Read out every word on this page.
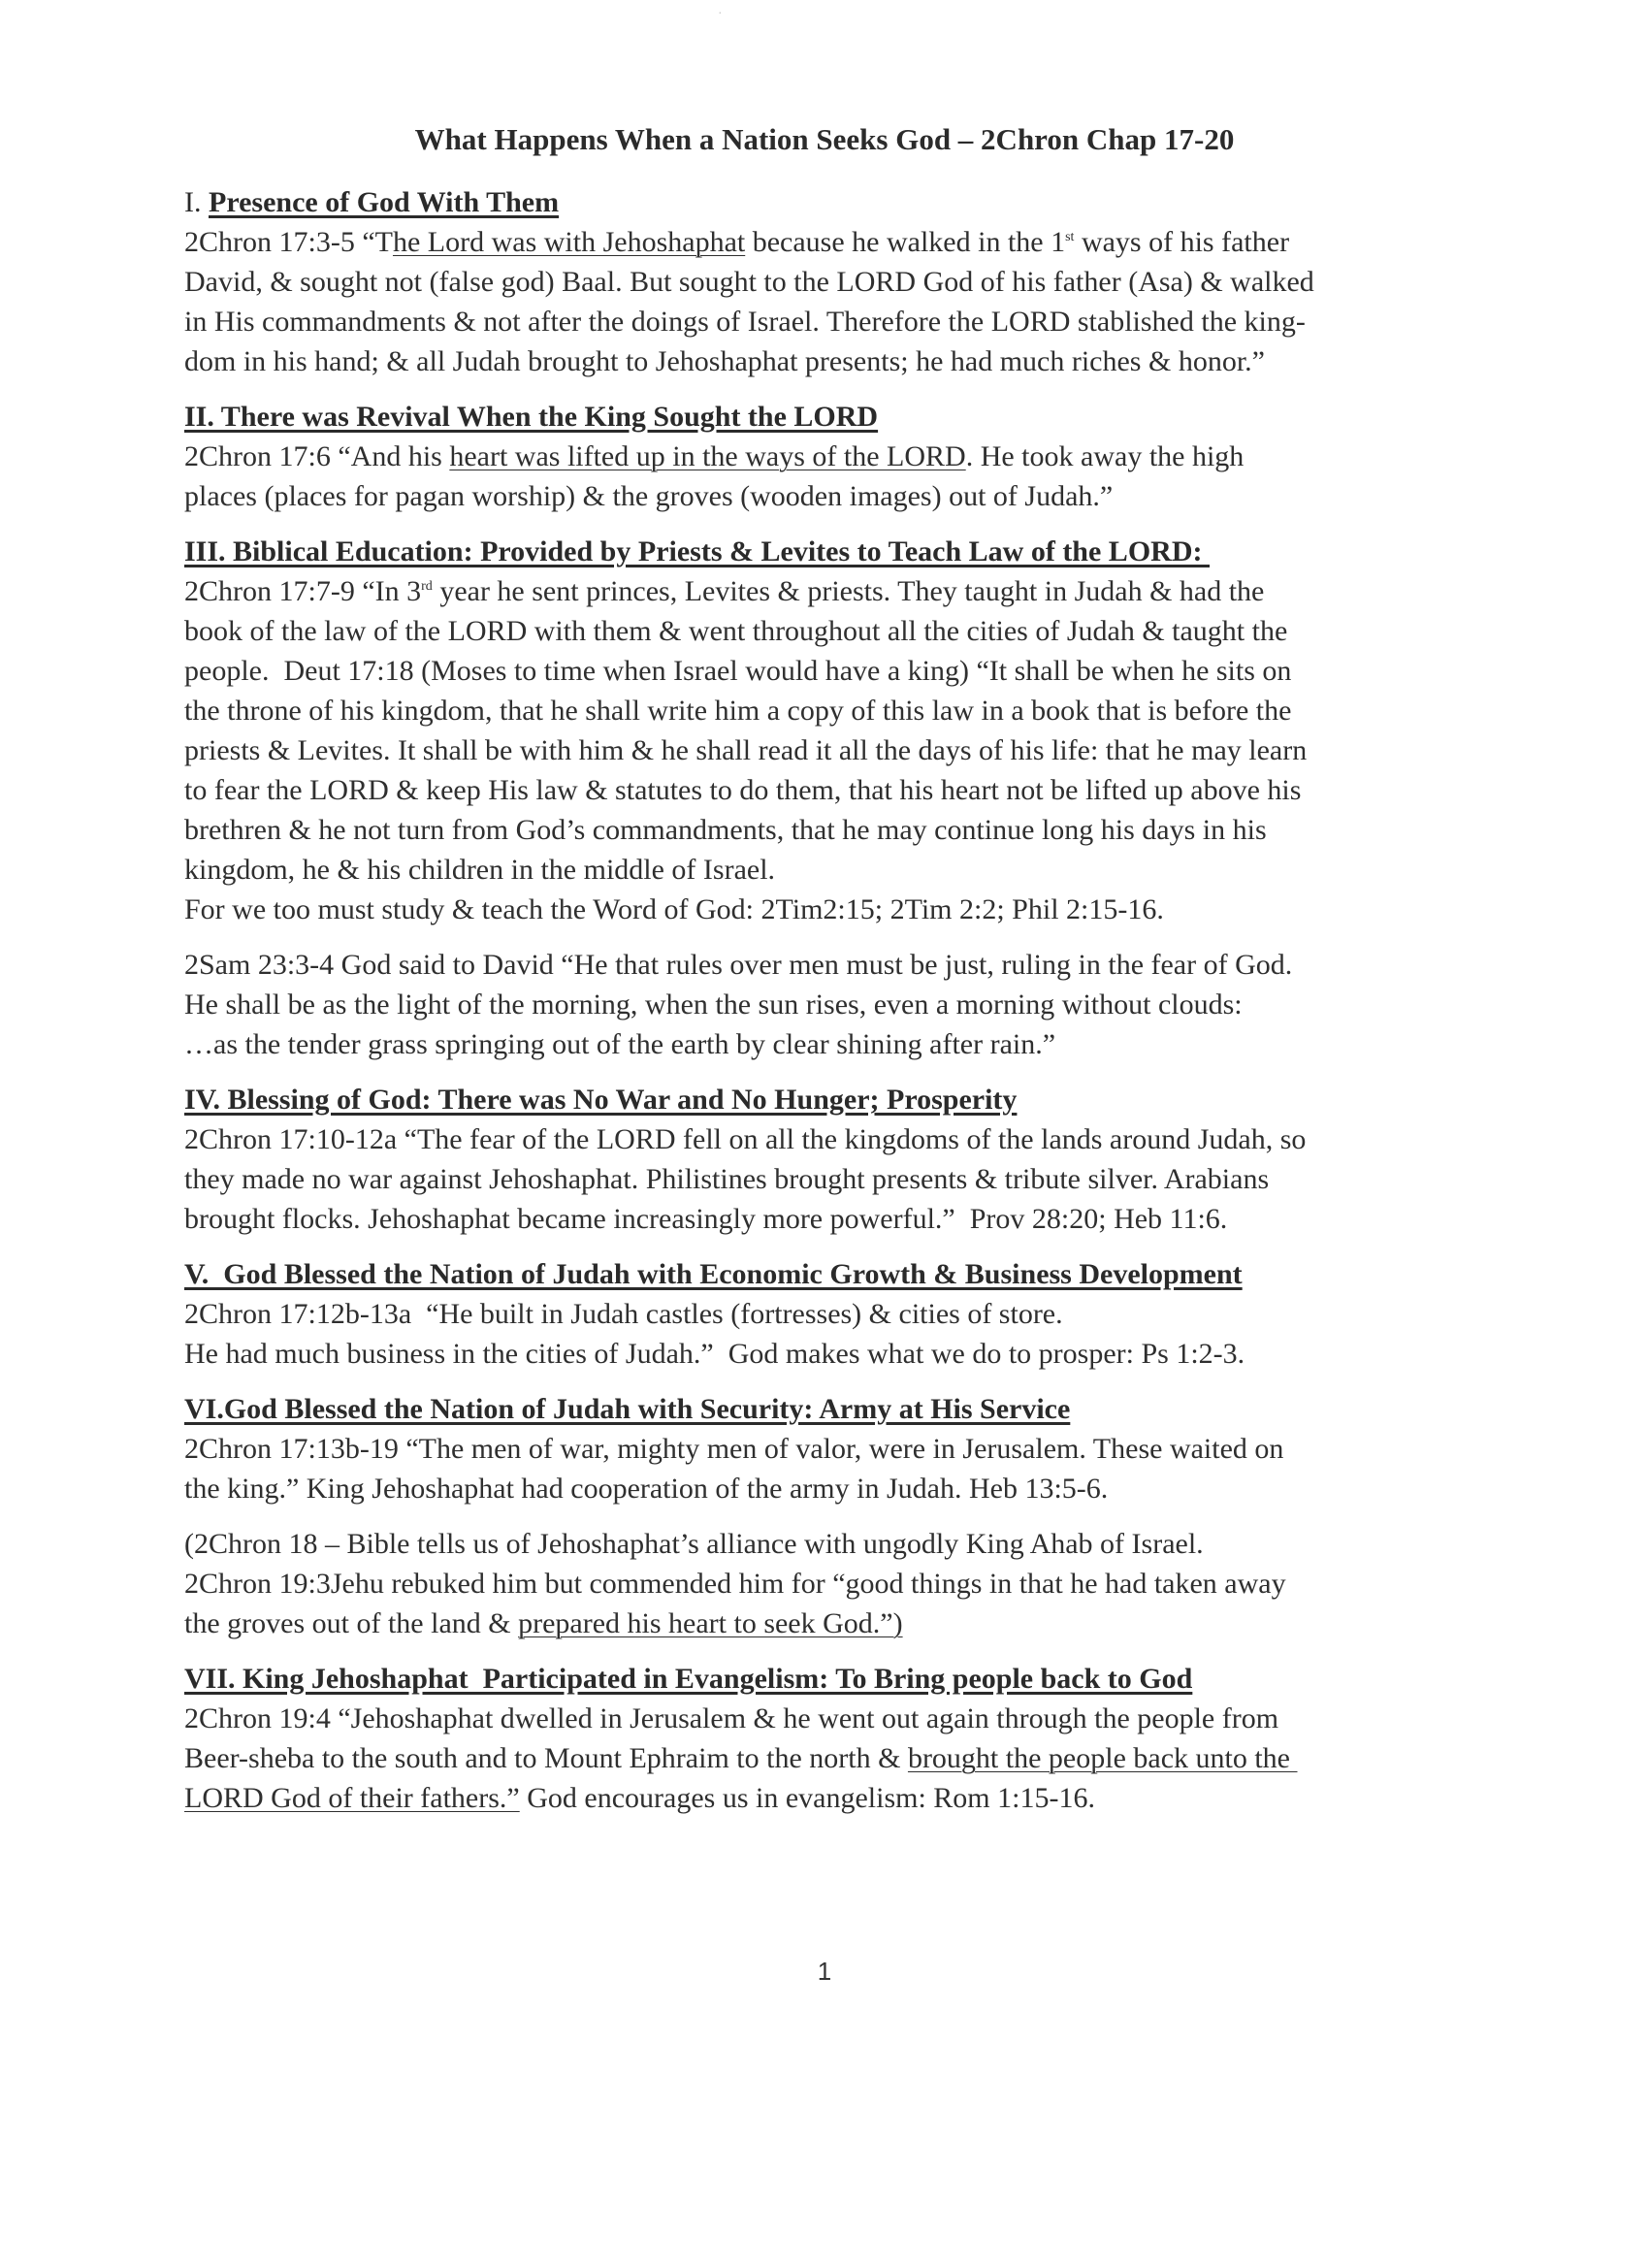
·
What Happens When a Nation Seeks God – 2Chron Chap 17-20
I. Presence of God With Them
2Chron 17:3-5 “The Lord was with Jehoshaphat because he walked in the 1st ways of his father
David, & sought not (false god) Baal. But sought to the LORD God of his father (Asa) & walked
in His commandments & not after the doings of Israel. Therefore the LORD stablished the king-
dom in his hand; & all Judah brought to Jehoshaphat presents; he had much riches & honor.”
II. There was Revival When the King Sought the LORD
2Chron 17:6 “And his heart was lifted up in the ways of the LORD. He took away the high
places (places for pagan worship) & the groves (wooden images) out of Judah.”
III. Biblical Education: Provided by Priests & Levites to Teach Law of the LORD:
2Chron 17:7-9 “In 3rd year he sent princes, Levites & priests. They taught in Judah & had the
book of the law of the LORD with them & went throughout all the cities of Judah & taught the
people.  Deut 17:18 (Moses to time when Israel would have a king) “It shall be when he sits on
the throne of his kingdom, that he shall write him a copy of this law in a book that is before the
priests & Levites. It shall be with him & he shall read it all the days of his life: that he may learn
to fear the LORD & keep His law & statutes to do them, that his heart not be lifted up above his
brethren & he not turn from God’s commandments, that he may continue long his days in his
kingdom, he & his children in the middle of Israel.
For we too must study & teach the Word of God: 2Tim2:15; 2Tim 2:2; Phil 2:15-16.
2Sam 23:3-4 God said to David “He that rules over men must be just, ruling in the fear of God.
He shall be as the light of the morning, when the sun rises, even a morning without clouds:
…as the tender grass springing out of the earth by clear shining after rain.”
IV. Blessing of God: There was No War and No Hunger; Prosperity
2Chron 17:10-12a “The fear of the LORD fell on all the kingdoms of the lands around Judah, so
they made no war against Jehoshaphat. Philistines brought presents & tribute silver. Arabians
brought flocks. Jehoshaphat became increasingly more powerful.”  Prov 28:20; Heb 11:6.
V.  God Blessed the Nation of Judah with Economic Growth & Business Development
2Chron 17:12b-13a  “He built in Judah castles (fortresses) & cities of store.
He had much business in the cities of Judah.”  God makes what we do to prosper: Ps 1:2-3.
VI.God Blessed the Nation of Judah with Security: Army at His Service
2Chron 17:13b-19 “The men of war, mighty men of valor, were in Jerusalem. These waited on
the king.” King Jehoshaphat had cooperation of the army in Judah. Heb 13:5-6.
(2Chron 18 – Bible tells us of Jehoshaphat’s alliance with ungodly King Ahab of Israel.
2Chron 19:3Jehu rebuked him but commended him for “good things in that he had taken away
the groves out of the land & prepared his heart to seek God.”)
VII. King Jehoshaphat  Participated in Evangelism: To Bring people back to God
2Chron 19:4 “Jehoshaphat dwelled in Jerusalem & he went out again through the people from
Beer-sheba to the south and to Mount Ephraim to the north & brought the people back unto the
LORD God of their fathers.” God encourages us in evangelism: Rom 1:15-16.
1
